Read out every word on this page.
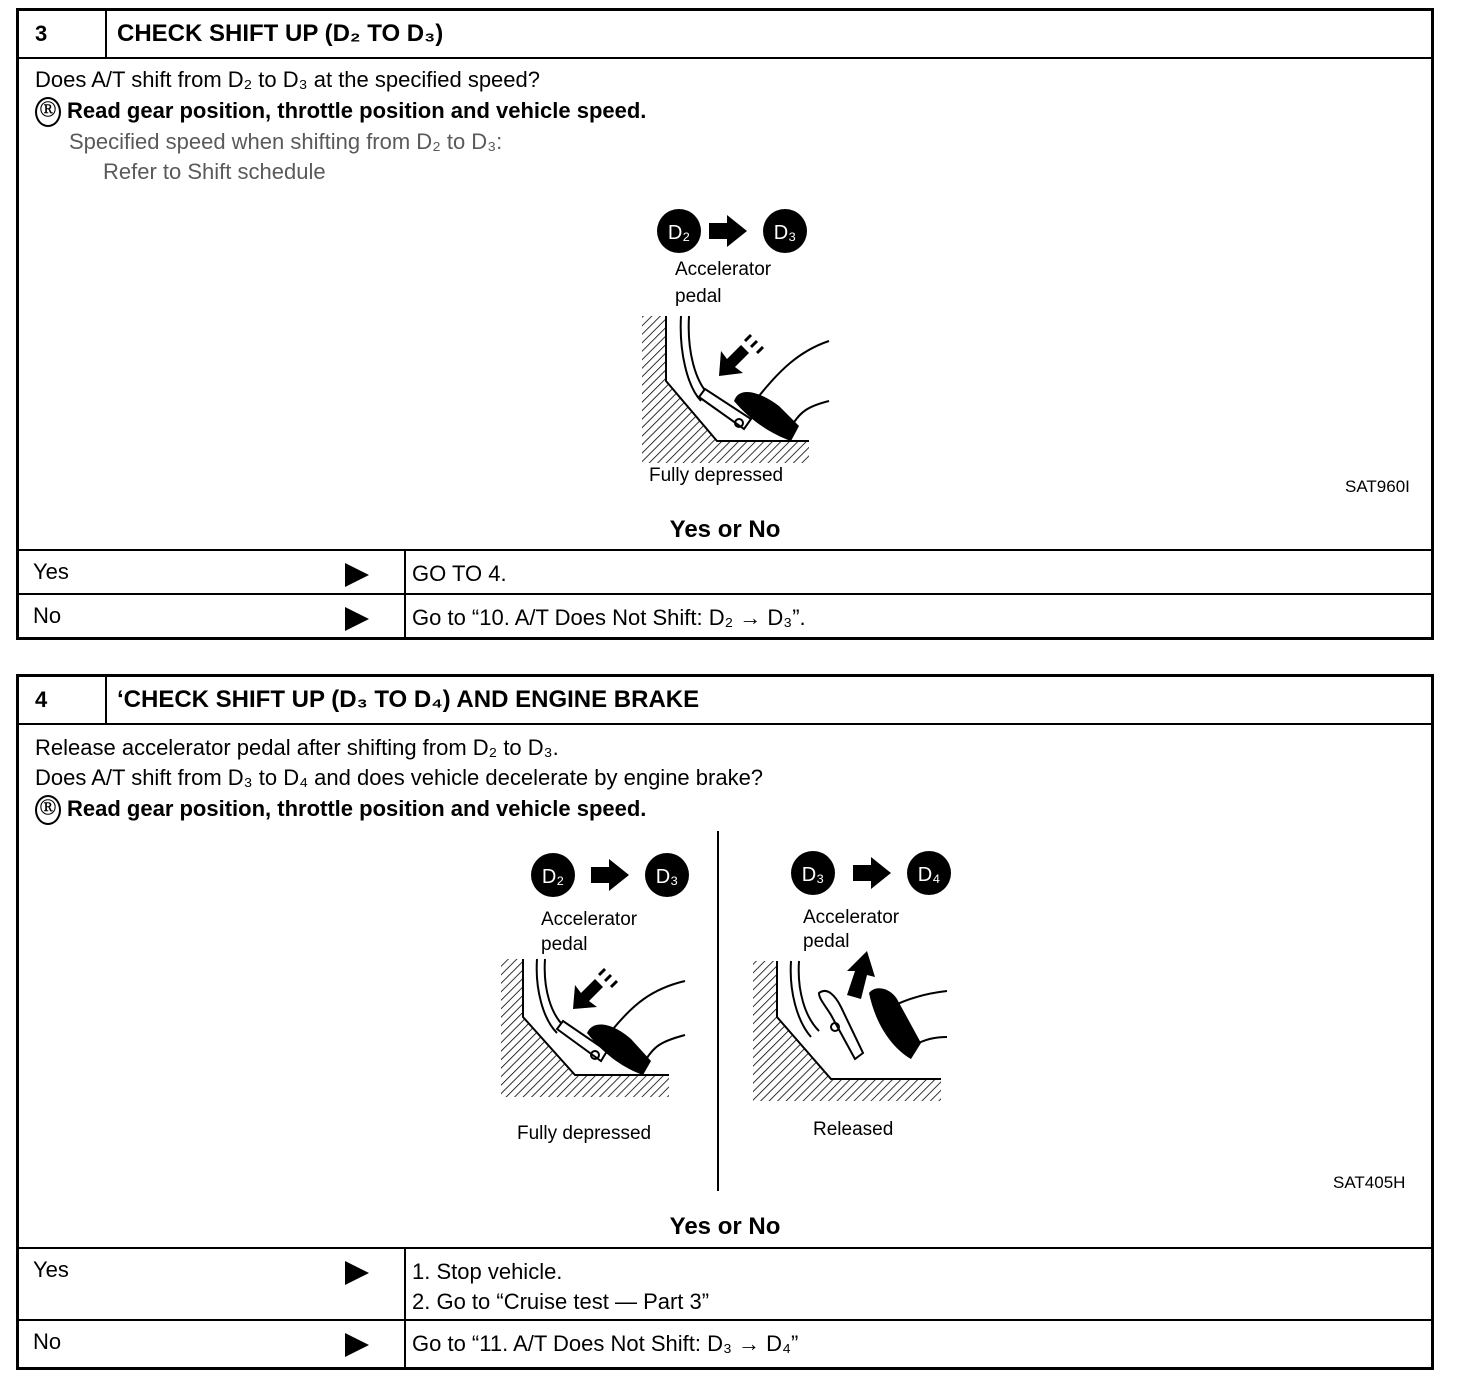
3	CHECK SHIFT UP (D₂ TO D₃)
Does A/T shift from D₂ to D₃ at the specified speed?
Ⓡ Read gear position, throttle position and vehicle speed.
Specified speed when shifting from D₂ to D₃:
Refer to Shift schedule
D₂	D₃
Accelerator
pedal
Fully depressed
SAT960I
Yes or No
Yes	GO TO 4.
No	Go to “10. A/T Does Not Shift: D₂ → D₃”.
4	‘CHECK SHIFT UP (D₃ TO D₄) AND ENGINE BRAKE
Release accelerator pedal after shifting from D₂ to D₃.
Does A/T shift from D₃ to D₄ and does vehicle decelerate by engine brake?
Ⓡ Read gear position, throttle position and vehicle speed.
D₂	D₃
Accelerator
pedal
Fully depressed
D₃	D₄
Accelerator
pedal
Released
SAT405H
Yes or No
Yes	1. Stop vehicle.
2. Go to “Cruise test — Part 3”
No	Go to “11. A/T Does Not Shift: D₃ → D₄”
